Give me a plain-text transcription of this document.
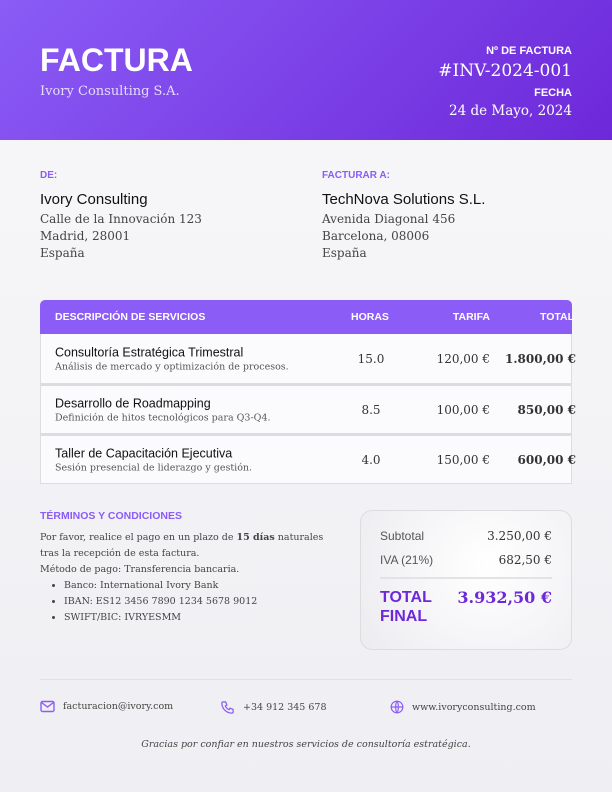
FACTURA
Ivory Consulting S.A.
Nº DE FACTURA
#INV-2024-001
FECHA
24 de Mayo, 2024
DE:
Ivory Consulting
Calle de la Innovación 123
Madrid, 28001
España
FACTURAR A:
TechNova Solutions S.L.
Avenida Diagonal 456
Barcelona, 08006
España
DESCRIPCIÓN DE SERVICIOS	HORAS	TARIFA	TOTAL
Consultoría Estratégica Trimestral
Análisis de mercado y optimización de procesos.
15.0	120,00 € 1.800,00 €
Desarrollo de Roadmapping
Definición de hitos tecnológicos para Q3-Q4.
8.5	100,00 € 850,00 €
Taller de Capacitación Ejecutiva
Sesión presencial de liderazgo y gestión.
4.0	150,00 € 600,00 €
TÉRMINOS Y CONDICIONES

Por favor, realice el pago en un plazo de 15 días naturales tras la recepción de esta factura.

Método de pago: Transferencia bancaria.

• Banco: International Ivory Bank
• IBAN: ES12 3456 7890 1234 5678 9012
• SWIFT/BIC: IVRYESMM
Subtotal	3.250,00 €
IVA (21%)	682,50 €
TOTAL FINAL
3.932,50 €
facturacion@ivory.com	+34 912 345 678	www.ivoryconsulting.com
Gracias por confiar en nuestros servicios de consultoría estratégica.
